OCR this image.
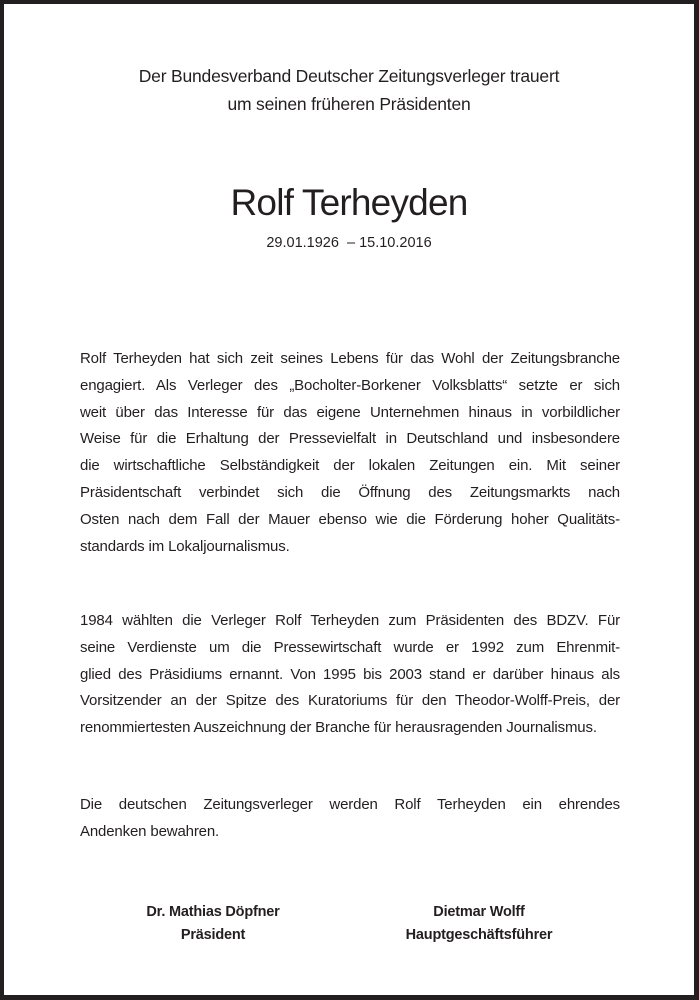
Der Bundesverband Deutscher Zeitungsverleger trauert
um seinen früheren Präsidenten
Rolf Terheyden
29.01.1926  – 15.10.2016
Rolf Terheyden hat sich zeit seines Lebens für das Wohl der Zeitungsbranche
engagiert. Als Verleger des „Bocholter-Borkener Volksblatts“ setzte er sich
weit über das Interesse für das eigene Unternehmen hinaus in vorbildlicher
Weise für die Erhaltung der Pressevielfalt in Deutschland und insbesondere
die wirtschaftliche Selbständigkeit der lokalen Zeitungen ein. Mit seiner
Präsidentschaft verbindet sich die Öffnung des Zeitungsmarkts nach
Osten nach dem Fall der Mauer ebenso wie die Förderung hoher Qualitäts-
standards im Lokaljournalismus.
1984 wählten die Verleger Rolf Terheyden zum Präsidenten des BDZV. Für
seine Verdienste um die Pressewirtschaft wurde er 1992 zum Ehrenmit-
glied des Präsidiums ernannt. Von 1995 bis 2003 stand er darüber hinaus als
Vorsitzender an der Spitze des Kuratoriums für den Theodor-Wolff-Preis, der
renommiertesten Auszeichnung der Branche für herausragenden Journalismus.
Die deutschen Zeitungsverleger werden Rolf Terheyden ein ehrendes
Andenken bewahren.
Dr. Mathias Döpfner
Präsident
Dietmar Wolff
Hauptgeschäftsführer
